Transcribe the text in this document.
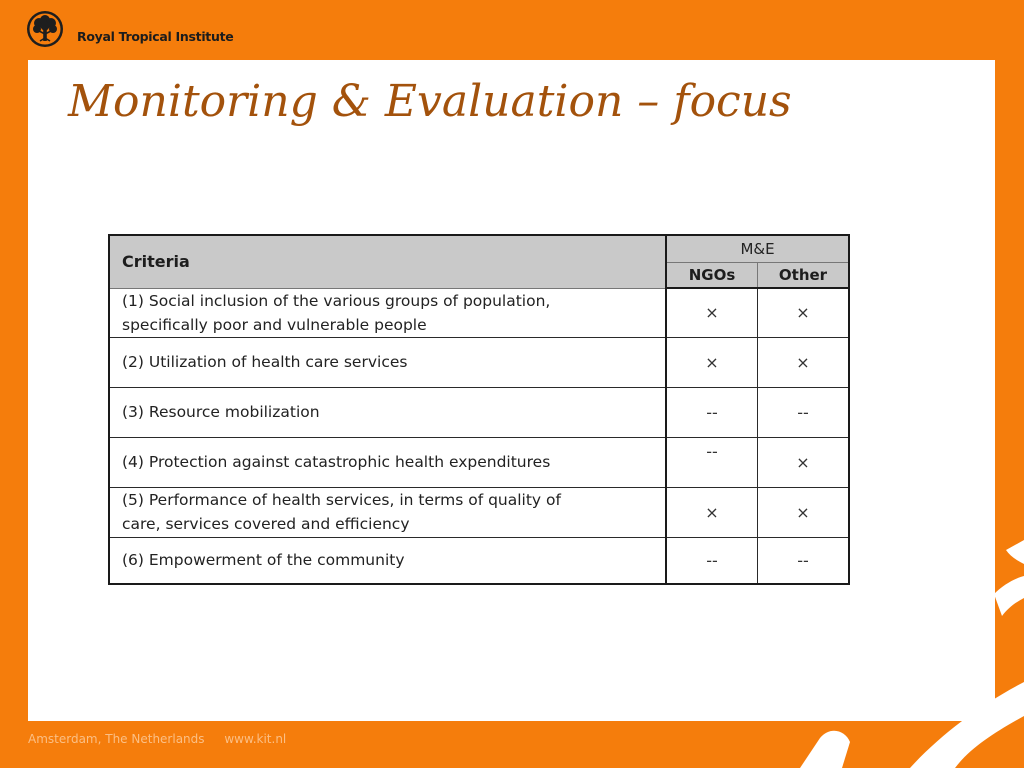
Royal Tropical Institute
Monitoring & Evaluation – focus
Criteria	M&E	
	NGOs	Other

(1) Social inclusion of the various groups of population,
specifically poor and vulnerable people	×	×

(2) Utilization of health care services	×	×

(3) Resource mobilization	--	--

(4) Protection against catastrophic health expenditures	--	×

(5) Performance of health services, in terms of quality of
care, services covered and efficiency	×	×

(6) Empowerment of the community	--	--
Amsterdam, The Netherlands www.kit.nl
